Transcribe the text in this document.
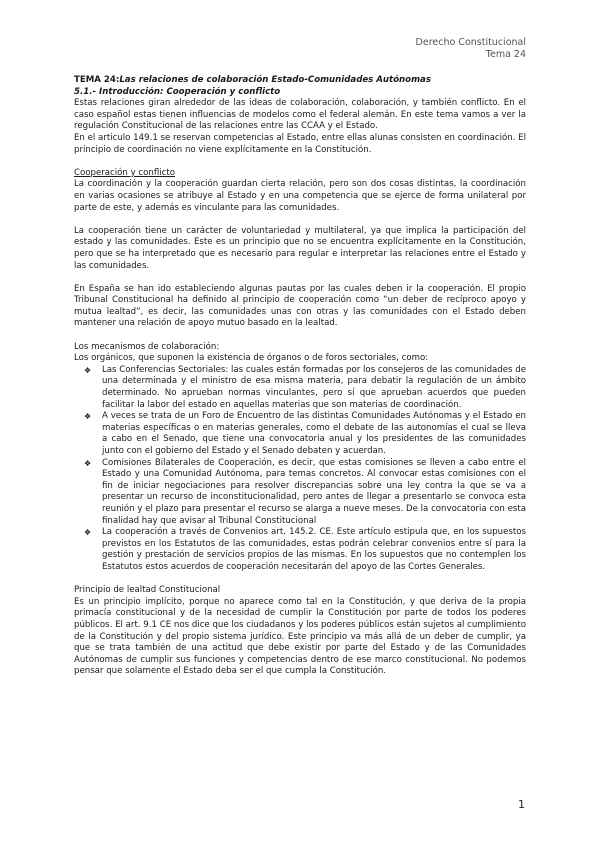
Derecho Constitucional
Tema 24

TEMA 24:Las relaciones de colaboración Estado-Comunidades Autónomas

5.1.- Introducción: Cooperación y conflicto

Estas relaciones giran alrededor de las ideas de colaboración, colaboración, y también conflicto. En el caso español estas tienen influencias de modelos como el federal alemán. En este tema vamos a ver la regulación Constitucional de las relaciones entre las CCAA y el Estado.

En el articulo 149.1 se reservan competencias al Estado, entre ellas alunas consisten en coordinación. El principio de coordinación no viene explícitamente en la Constitución.

Cooperación y conflicto

La coordinación y la cooperación guardan cierta relación, pero son dos cosas distintas, la coordinación en varias ocasiones se atribuye al Estado y en una competencia que se ejerce de forma unilateral por parte de este, y además es vinculante para las comunidades.

La cooperación tiene un carácter de voluntariedad y multilateral, ya que implica la participación del estado y las comunidades. Este es un principio que no se encuentra explícitamente en la Constitución, pero que se ha interpretado que es necesario para regular e interpretar las relaciones entre el Estado y las comunidades.

En España se han ido estableciendo algunas pautas por las cuales deben ir la cooperación. El propio Tribunal Constitucional ha definido al principio de cooperación como “un deber de recíproco apoyo y mutua lealtad”, es decir, las comunidades unas con otras y las comunidades con el Estado deben mantener una relación de apoyo mutuo basado en la lealtad.

Los mecanismos de colaboración:

Los orgánicos, que suponen la existencia de órganos o de foros sectoriales, como:

❖ Las Conferencias Sectoriales: las cuales están formadas por los consejeros de las comunidades de una determinada y el ministro de esa misma materia, para debatir la regulación de un ámbito determinado. No aprueban normas vinculantes, pero sí que aprueban acuerdos que pueden facilitar la labor del estado en aquellas materias que son materias de coordinación.
❖ A veces se trata de un Foro de Encuentro de las distintas Comunidades Autónomas y el Estado en materias específicas o en materias generales, como el debate de las autonomías el cual se lleva a cabo en el Senado, que tiene una convocatoria anual y los presidentes de las comunidades junto con el gobierno del Estado y el Senado debaten y acuerdan.
❖ Comisiones Bilaterales de Cooperación, es decir, que estas comisiones se lleven a cabo entre el Estado y una Comunidad Autónoma, para temas concretos. Al convocar estas comisiones con el fin de iniciar negociaciones para resolver discrepancias sobre una ley contra la que se va a presentar un recurso de inconstitucionalidad, pero antes de llegar a presentarlo se convoca esta reunión y el plazo para presentar el recurso se alarga a nueve meses. De la convocatoria con esta finalidad hay que avisar al Tribunal Constitucional
❖ La cooperación a través de Convenios art. 145.2. CE. Este artículo estipula que, en los supuestos previstos en los Estatutos de las comunidades, estas podrán celebrar convenios entre sí para la gestión y prestación de servicios propios de las mismas. En los supuestos que no contemplen los Estatutos estos acuerdos de cooperación necesitarán del apoyo de las Cortes Generales.

Principio de lealtad Constitucional

Es un principio implícito, porque no aparece como tal en la Constitución, y que deriva de la propia primacía constitucional y de la necesidad de cumplir la Constitución por parte de todos los poderes públicos. El art. 9.1 CE nos dice que los ciudadanos y los poderes públicos están sujetos al cumplimiento de la Constitución y del propio sistema jurídico. Este principio va más allá de un deber de cumplir, ya que se trata también de una actitud que debe existir por parte del Estado y de las Comunidades Autónomas de cumplir sus funciones y competencias dentro de ese marco constitucional. No podemos pensar que solamente el Estado deba ser el que cumpla la Constitución.

1
